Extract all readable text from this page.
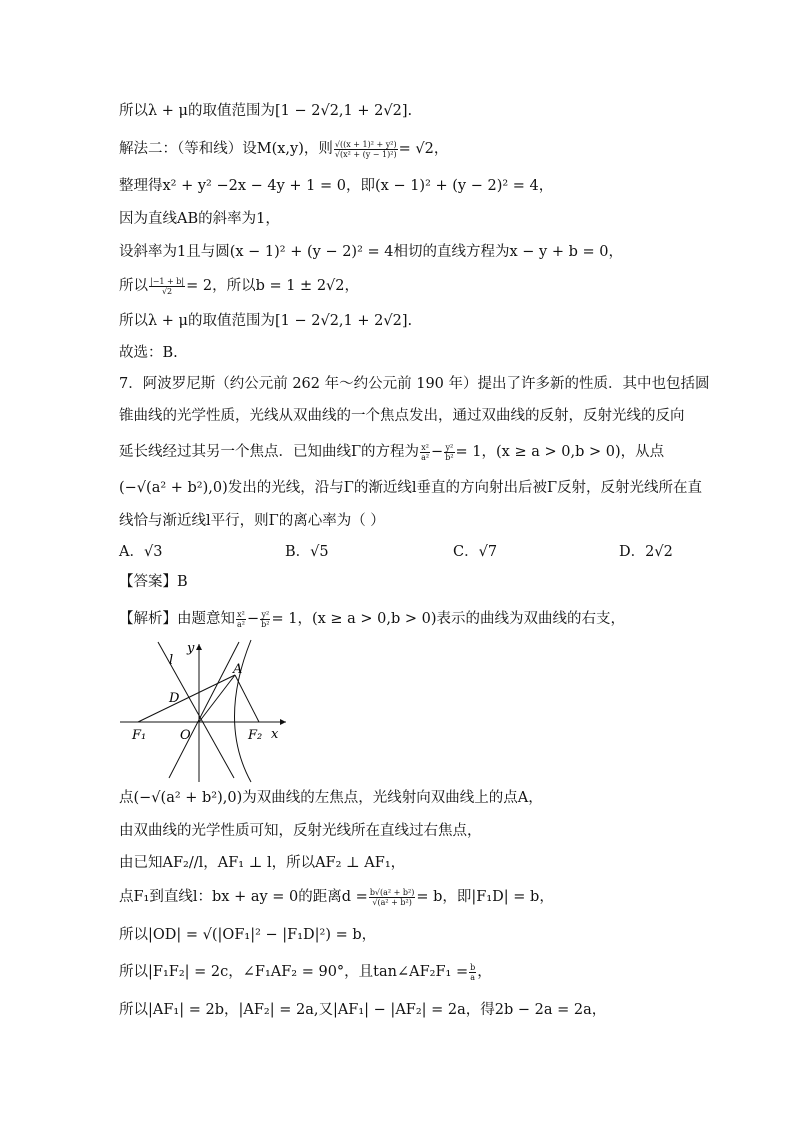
所以λ + μ的取值范围为[1 − 2√2,1 + 2√2].
解法二：（等和线）设M(x,y)，则 $\frac{\text{√((x + 1)² + y²)}}{\text{√(x² + (y − 1)²)}} = √2$，
整理得x² + y² −2x − 4y + 1 = 0，即(x − 1)² + (y − 2)² = 4，
因为直线AB的斜率为1，
设斜率为1且与圆(x − 1)² + (y − 2)² = 4相切的直线方程为x − y + b = 0，
所以 $\frac{|-1 + b|}{√2} = 2$，所以b = 1 ± 2√2，
所以λ + μ的取值范围为[1 − 2√2,1 + 2√2].
故选：B.
7．阿波罗尼斯（约公元前 262 年～约公元前 190 年）提出了许多新的性质．其中也包括圆
锥曲线的光学性质，光线从双曲线的一个焦点发出，通过双曲线的反射，反射光线的反向
延长线经过其另一个焦点．已知曲线Γ的方程为 $\frac{\text{x²}}{\text{a²}} - \frac{\text{y²}}{\text{b²}} = 1$，(x ≥ a > 0,b > 0)，从点
(−√(a² + b²),0)发出的光线，沿与Γ的渐近线l垂直的方向射出后被Γ反射，反射光线所在直
线恰与渐近线l平行，则Γ的离心率为（ ）
A．√3	B．√5	C．√7	D．2√2
【答案】B
【解析】由题意知 $\frac{\text{x²}}{\text{a²}} - \frac{\text{y²}}{\text{b²}} = 1$，(x ≥ a > 0,b > 0)表示的曲线为双曲线的右支，
y
l
A
D
F₁	O	F₂ x
点(−√(a² + b²),0)为双曲线的左焦点，光线射向双曲线上的点A，
由双曲线的光学性质可知，反射光线所在直线过右焦点，
由已知AF₂//l，AF₁ ⊥ l，所以AF₂ ⊥ AF₁，
点F₁到直线l：bx + ay = 0的距离$d = \frac{\text{b√(a² + b²)}}{\text{√(a² + b²)}} = b$，即|F₁D| = b，
所以|OD| = √(|OF₁|² − |F₁D|²) = b，
所以|F₁F₂| = 2c，∠F₁AF₂ = 90°，且tan∠AF₂F₁ = $\frac{b}{a}$ ，
所以|AF₁| = 2b，|AF₂| = 2a,又|AF₁| − |AF₂| = 2a，得2b − 2a = 2a，
